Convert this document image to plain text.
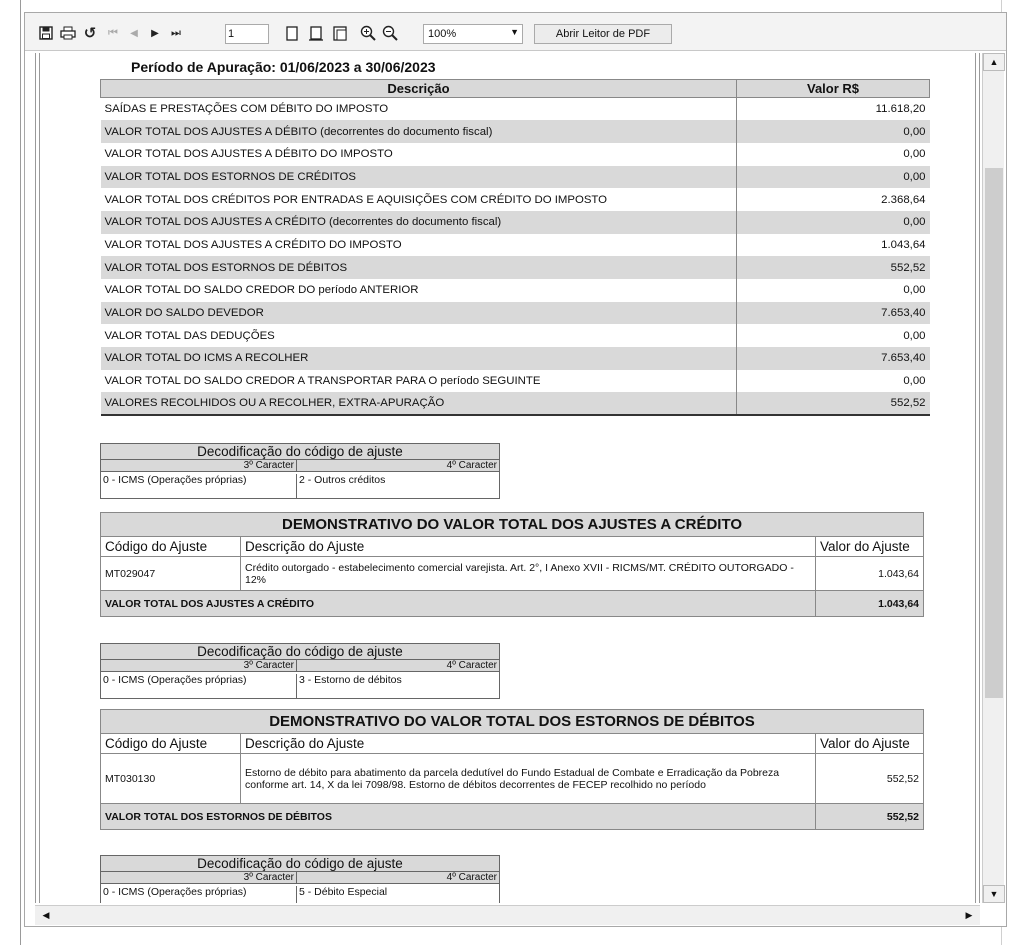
↺ ⏮	◀	▶	⏭	1	100%	▼	Abrir Leitor de PDF
Período de Apuração: 01/06/2023 a 30/06/2023
Descrição	Valor R$
SAÍDAS E PRESTAÇÕES COM DÉBITO DO IMPOSTO	11.618,20
VALOR TOTAL DOS AJUSTES A DÉBITO (decorrentes do documento fiscal)	0,00
VALOR TOTAL DOS AJUSTES A DÉBITO DO IMPOSTO	0,00
VALOR TOTAL DOS ESTORNOS DE CRÉDITOS	0,00
VALOR TOTAL DOS CRÉDITOS POR ENTRADAS E AQUISIÇÕES COM CRÉDITO DO IMPOSTO	2.368,64
VALOR TOTAL DOS AJUSTES A CRÉDITO (decorrentes do documento fiscal)	0,00
VALOR TOTAL DOS AJUSTES A CRÉDITO DO IMPOSTO	1.043,64
VALOR TOTAL DOS ESTORNOS DE DÉBITOS	552,52
VALOR TOTAL DO SALDO CREDOR DO período ANTERIOR	0,00
VALOR DO SALDO DEVEDOR	7.653,40
VALOR TOTAL DAS DEDUÇÕES	0,00
VALOR TOTAL DO ICMS A RECOLHER	7.653,40
VALOR TOTAL DO SALDO CREDOR A TRANSPORTAR PARA O período SEGUINTE	0,00
VALORES RECOLHIDOS OU A RECOLHER, EXTRA-APURAÇÃO	552,52
Decodificação do código de ajuste
3º Caracter	4º Caracter
0 - ICMS (Operações próprias)	2 - Outros créditos
DEMONSTRATIVO DO VALOR TOTAL DOS AJUSTES A CRÉDITO		
Código do Ajuste	Descrição do Ajuste	Valor do Ajuste
MT029047	Crédito outorgado - estabelecimento comercial varejista. Art. 2°, I Anexo XVII - RICMS/MT. CRÉDITO OUTORGADO - 12%	1.043,64
VALOR TOTAL DOS AJUSTES A CRÉDITO		1.043,64
Decodificação do código de ajuste
3º Caracter	4º Caracter
0 - ICMS (Operações próprias)	3 - Estorno de débitos
DEMONSTRATIVO DO VALOR TOTAL DOS ESTORNOS DE DÉBITOS		
Código do Ajuste	Descrição do Ajuste	Valor do Ajuste
MT030130	Estorno de débito para abatimento da parcela dedutível do Fundo Estadual de Combate e Erradicação da Pobreza conforme art. 14, X da lei 7098/98. Estorno de débitos decorrentes de FECEP recolhido no período	552,52
VALOR TOTAL DOS ESTORNOS DE DÉBITOS		552,52
Decodificação do código de ajuste
3º Caracter	4º Caracter
0 - ICMS (Operações próprias)	5 - Débito Especial
▲
▼
◀	▶
